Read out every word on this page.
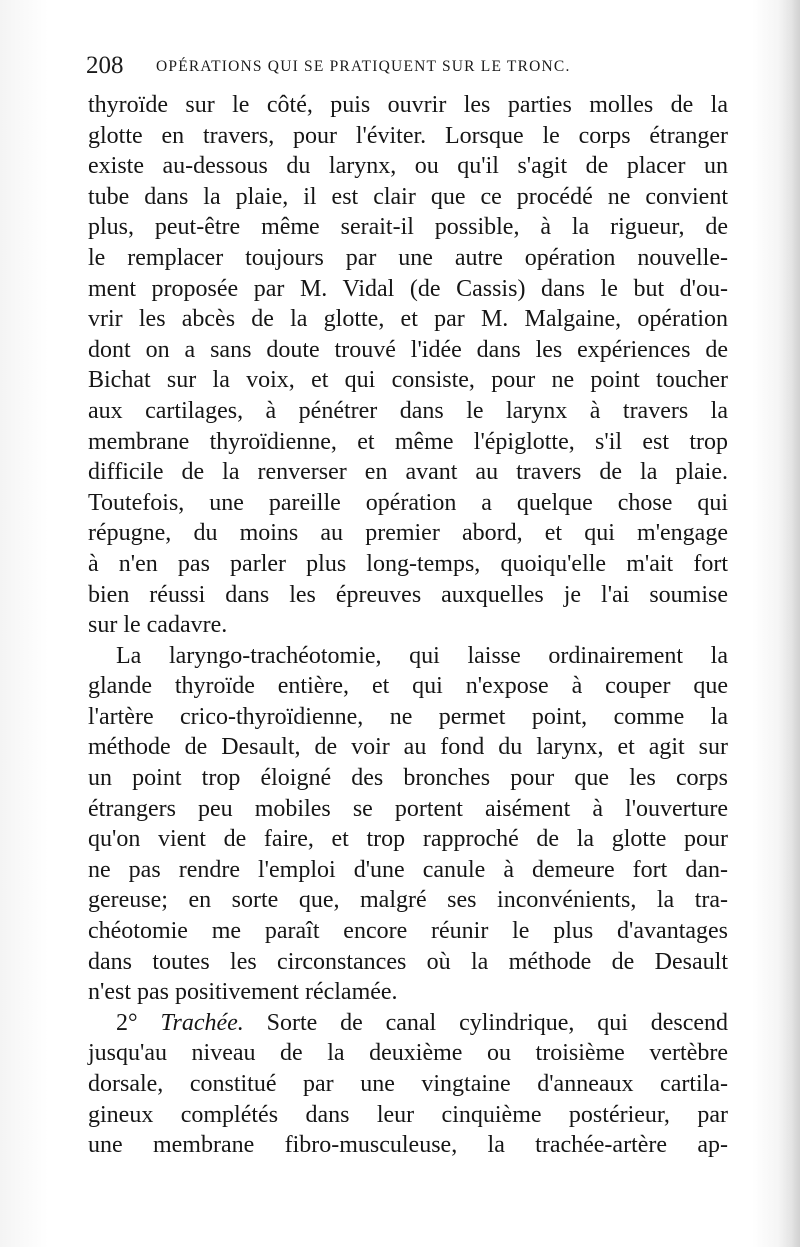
208 OPÉRATIONS QUI SE PRATIQUENT SUR LE TRONC.
thyroïde sur le côté, puis ouvrir les parties molles de la
glotte en travers, pour l'éviter. Lorsque le corps étranger
existe au-dessous du larynx, ou qu'il s'agit de placer un
tube dans la plaie, il est clair que ce procédé ne convient
plus, peut-être même serait-il possible, à la rigueur, de
le remplacer toujours par une autre opération nouvelle-
ment proposée par M. Vidal (de Cassis) dans le but d'ou-
vrir les abcès de la glotte, et par M. Malgaine, opération
dont on a sans doute trouvé l'idée dans les expériences de
Bichat sur la voix, et qui consiste, pour ne point toucher
aux cartilages, à pénétrer dans le larynx à travers la
membrane thyroïdienne, et même l'épiglotte, s'il est trop
difficile de la renverser en avant au travers de la plaie.
Toutefois, une pareille opération a quelque chose qui
répugne, du moins au premier abord, et qui m'engage
à n'en pas parler plus long-temps, quoiqu'elle m'ait fort
bien réussi dans les épreuves auxquelles je l'ai soumise
sur le cadavre.
La laryngo-trachéotomie, qui laisse ordinairement la
glande thyroïde entière, et qui n'expose à couper que
l'artère crico-thyroïdienne, ne permet point, comme la
méthode de Desault, de voir au fond du larynx, et agit sur
un point trop éloigné des bronches pour que les corps
étrangers peu mobiles se portent aisément à l'ouverture
qu'on vient de faire, et trop rapproché de la glotte pour
ne pas rendre l'emploi d'une canule à demeure fort dan-
gereuse; en sorte que, malgré ses inconvénients, la tra-
chéotomie me paraît encore réunir le plus d'avantages
dans toutes les circonstances où la méthode de Desault
n'est pas positivement réclamée.
2° Trachée. Sorte de canal cylindrique, qui descend
jusqu'au niveau de la deuxième ou troisième vertèbre
dorsale, constitué par une vingtaine d'anneaux cartila-
gineux complétés dans leur cinquième postérieur, par
une membrane fibro-musculeuse, la trachée-artère ap-
